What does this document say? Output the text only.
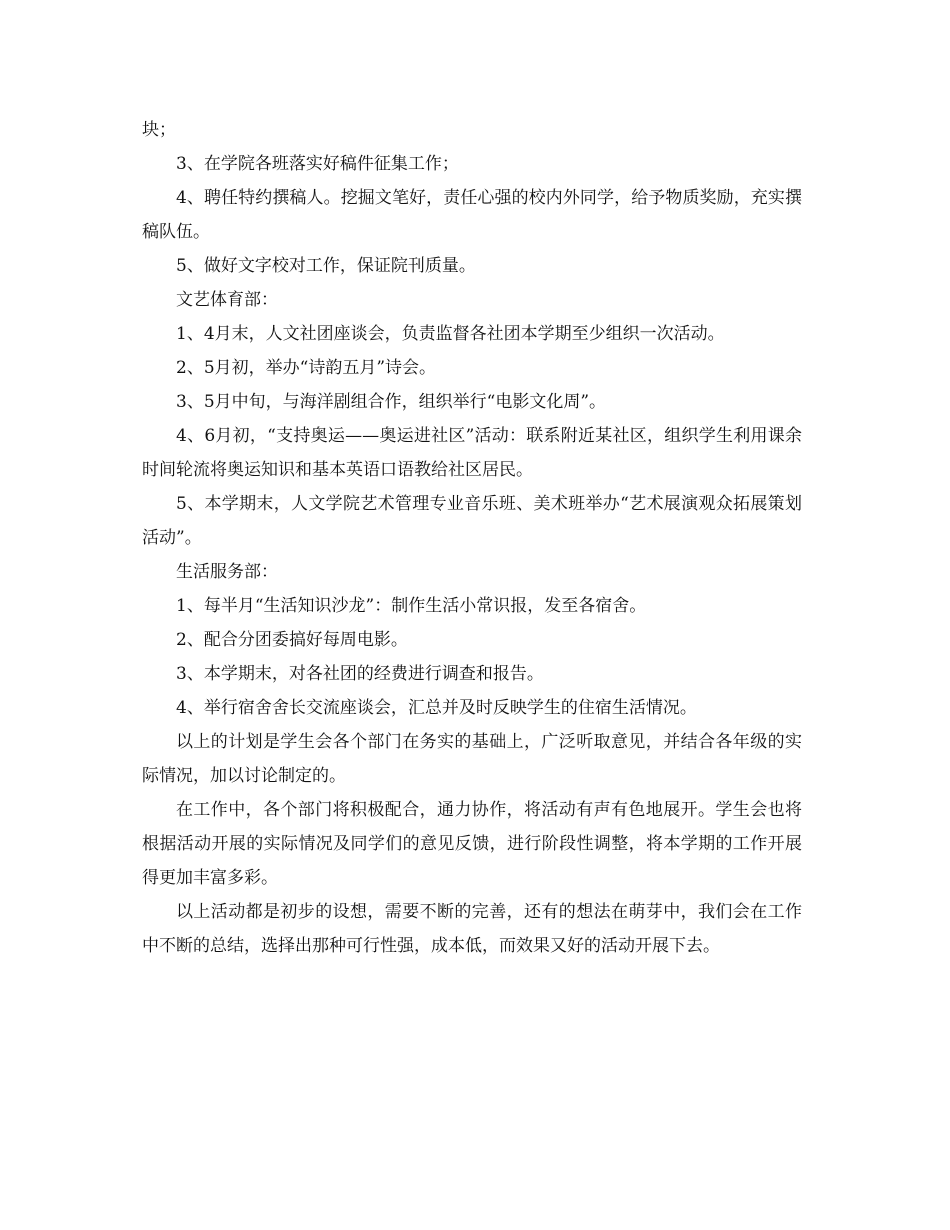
块；

3、在学院各班落实好稿件征集工作；

4、聘任特约撰稿人。挖掘文笔好，责任心强的校内外同学，给予物质奖励，充实撰稿队伍。

5、做好文字校对工作，保证院刊质量。

文艺体育部：

1、4月末，人文社团座谈会，负责监督各社团本学期至少组织一次活动。

2、5月初，举办“诗韵五月”诗会。

3、5月中旬，与海洋剧组合作，组织举行“电影文化周”。

4、6月初，“支持奥运——奥运进社区”活动：联系附近某社区，组织学生利用课余时间轮流将奥运知识和基本英语口语教给社区居民。

5、本学期末，人文学院艺术管理专业音乐班、美术班举办“艺术展演观众拓展策划活动”。

生活服务部：

1、每半月“生活知识沙龙”：制作生活小常识报，发至各宿舍。

2、配合分团委搞好每周电影。

3、本学期末，对各社团的经费进行调查和报告。

4、举行宿舍舍长交流座谈会，汇总并及时反映学生的住宿生活情况。

以上的计划是学生会各个部门在务实的基础上，广泛听取意见，并结合各年级的实际情况，加以讨论制定的。

在工作中，各个部门将积极配合，通力协作，将活动有声有色地展开。学生会也将根据活动开展的实际情况及同学们的意见反馈，进行阶段性调整，将本学期的工作开展得更加丰富多彩。

以上活动都是初步的设想，需要不断的完善，还有的想法在萌芽中，我们会在工作中不断的总结，选择出那种可行性强，成本低，而效果又好的活动开展下去。
